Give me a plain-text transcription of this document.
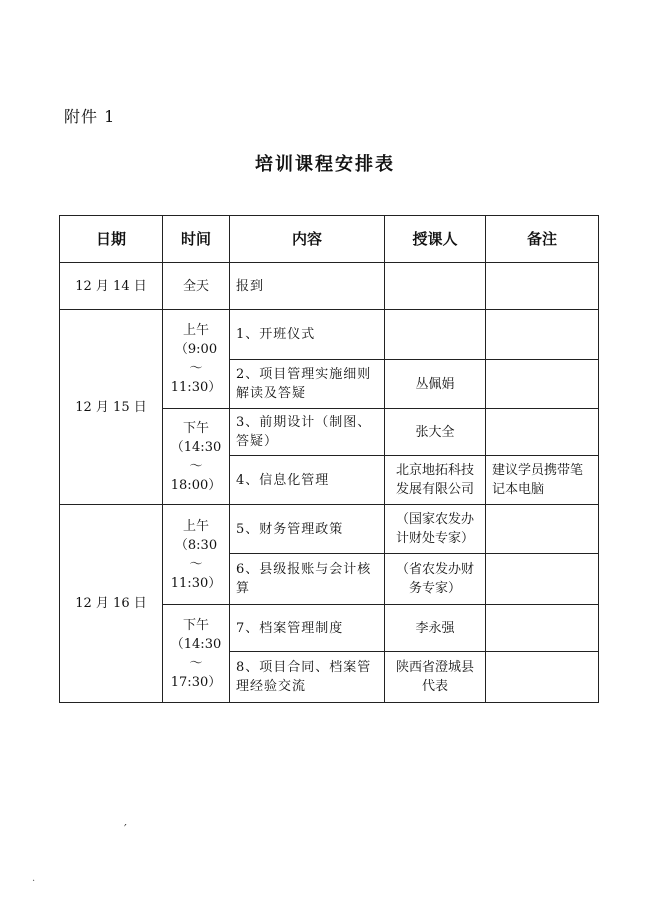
附件 1
培训课程安排表
日期	时间	内容	授课人	备注
12 月 14 日	全天	报到		
12 月 15 日	上午（9:00～11:30）	1、开班仪式		
		2、项目管理实施细则解读及答疑	丛佩娟	
	下午（14:30～18:00）	3、前期设计（制图、答疑）	张大全	
		4、信息化管理	北京地拓科技发展有限公司	建议学员携带笔记本电脑
12 月 16 日	上午（8:30～11:30）	5、财务管理政策	（国家农发办计财处专家）	
		6、县级报账与会计核算	（省农发办财务专家）	
	下午（14:30～17:30）	7、档案管理制度	李永强	
		8、项目合同、档案管理经验交流	陕西省澄城县代表	
′
·
